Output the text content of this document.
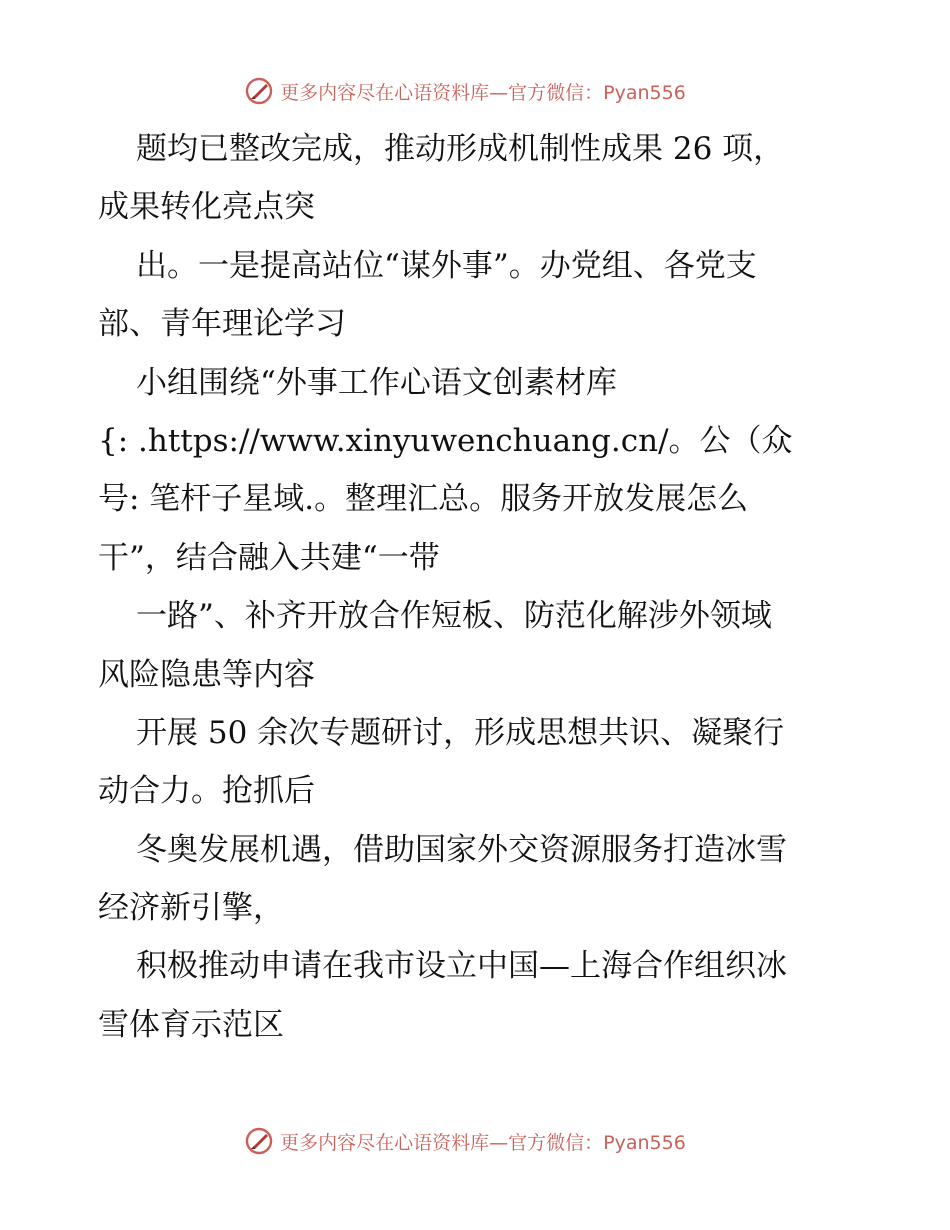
更多内容尽在心语资料库—官方微信：Pyan556
题均已整改完成，推动形成机制性成果 26 项，
成果转化亮点突
出。一是提高站位“谋外事”。办党组、各党支
部、青年理论学习
小组围绕“外事工作心语文创素材库
{: .https://www.xinyuwenchuang.cn/。公（众
号: 笔杆子星域.。整理汇总。服务开放发展怎么
干”，结合融入共建“一带
一路”、补齐开放合作短板、防范化解涉外领域
风险隐患等内容
开展 50 余次专题研讨，形成思想共识、凝聚行
动合力。抢抓后
冬奥发展机遇，借助国家外交资源服务打造冰雪
经济新引擎，
积极推动申请在我市设立中国—上海合作组织冰
雪体育示范区
更多内容尽在心语资料库—官方微信：Pyan556
